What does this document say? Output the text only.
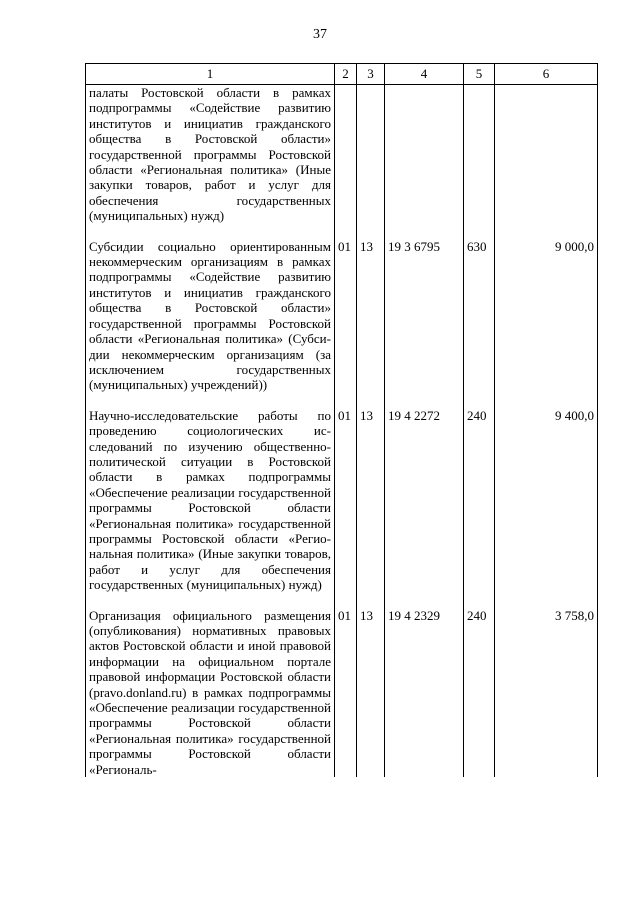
37
1	2	3	4	5	6
палаты Ростовской области в рамках подпрограммы «Содействие развитию институтов и инициатив гражданского общества в Ростовской области» государственной программы Ростовской области «Региональная политика» (Иные закупки товаров, работ и услуг для обеспечения государственных (муниципальных) нужд)					
Субсидии социально ориентированным некоммерческим организациям в рамках подпрограммы «Содействие развитию институтов и инициатив гражданского общества в Ростовской области» государственной программы Ростовской области «Региональная политика» (Субсидии некоммерческим организациям (за исключением государственных (муниципальных) учреждений))	01	13	19 3 6795	630	9 000,0
Научно-исследовательские работы по проведению социологических исследований по изучению общественно-политической ситуации в Ростовской области в рамках подпрограммы «Обеспечение реализации государственной программы Ростовской области «Региональная политика» государственной программы Ростовской области «Региональная политика» (Иные закупки товаров, работ и услуг для обеспечения государственных (муниципальных) нужд)	01	13	19 4 2272	240	9 400,0
Организация официального размещения (опубликования) нормативных правовых актов Ростовской области и иной правовой информации на официальном портале правовой информации Ростовской области (pravo.donland.ru) в рамках подпрограммы «Обеспечение реализации государственной программы Ростовской области «Региональная политика» государственной программы Ростовской области «Региональ-	01	13	19 4 2329	240	3 758,0
